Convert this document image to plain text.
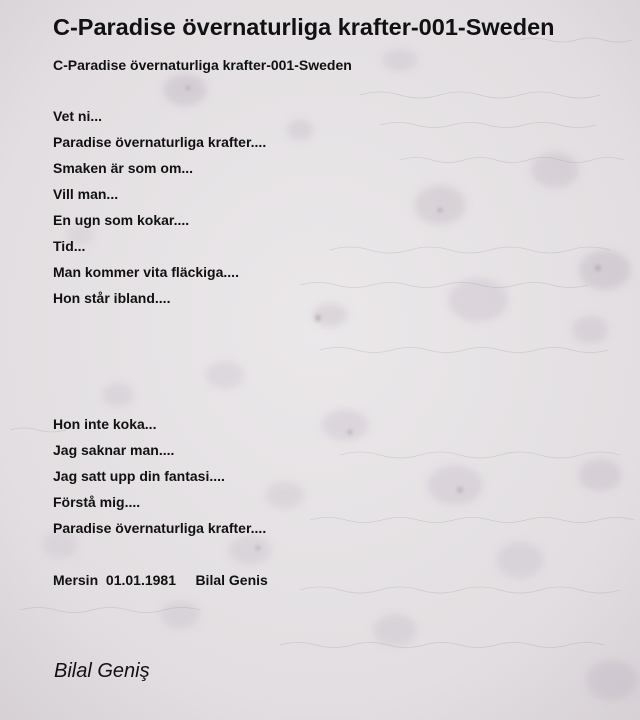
C-Paradise övernaturliga krafter-001-Sweden
C-Paradise övernaturliga krafter-001-Sweden
Vet ni...
Paradise övernaturliga krafter....
Smaken är som om...
Vill man...
En ugn som kokar....
Tid...
Man kommer vita fläckiga....
Hon står ibland....
Hon inte koka...
Jag saknar man....
Jag satt upp din fantasi....
Förstå mig....
Paradise övernaturliga krafter....
Mersin 01.01.1981 Bilal Genis
Bilal Geniş
